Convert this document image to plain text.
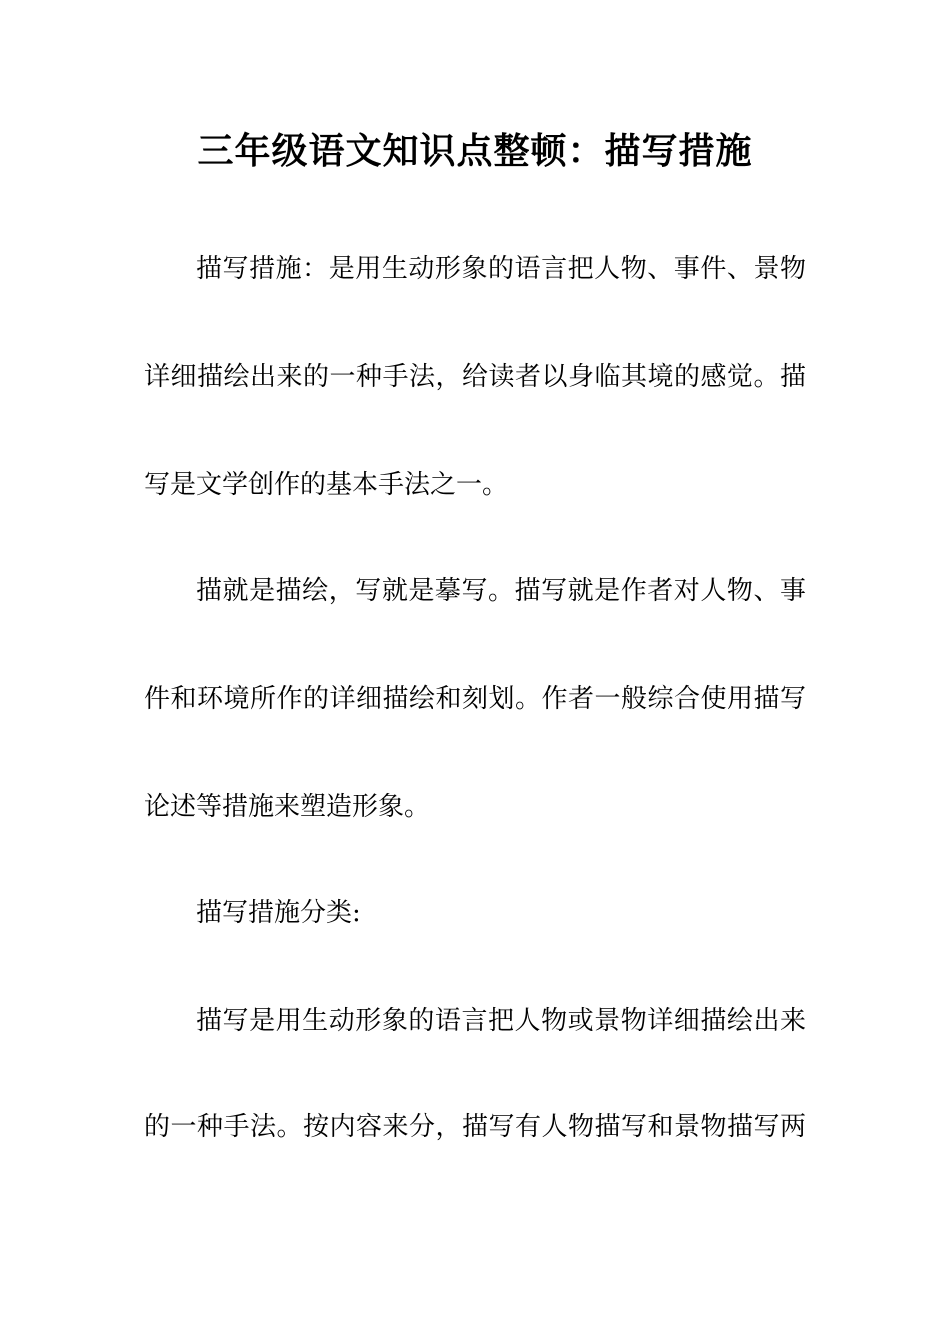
三年级语文知识点整顿：描写措施

描写措施：是用生动形象的语言把人物、事件、景物

详细描绘出来的一种手法，给读者以身临其境的感觉。描

写是文学创作的基本手法之一。

描就是描绘，写就是摹写。描写就是作者对人物、事

件和环境所作的详细描绘和刻划。作者一般综合使用描写

论述等措施来塑造形象。

描写措施分类:

描写是用生动形象的语言把人物或景物详细描绘出来

的一种手法。按内容来分，描写有人物描写和景物描写两
